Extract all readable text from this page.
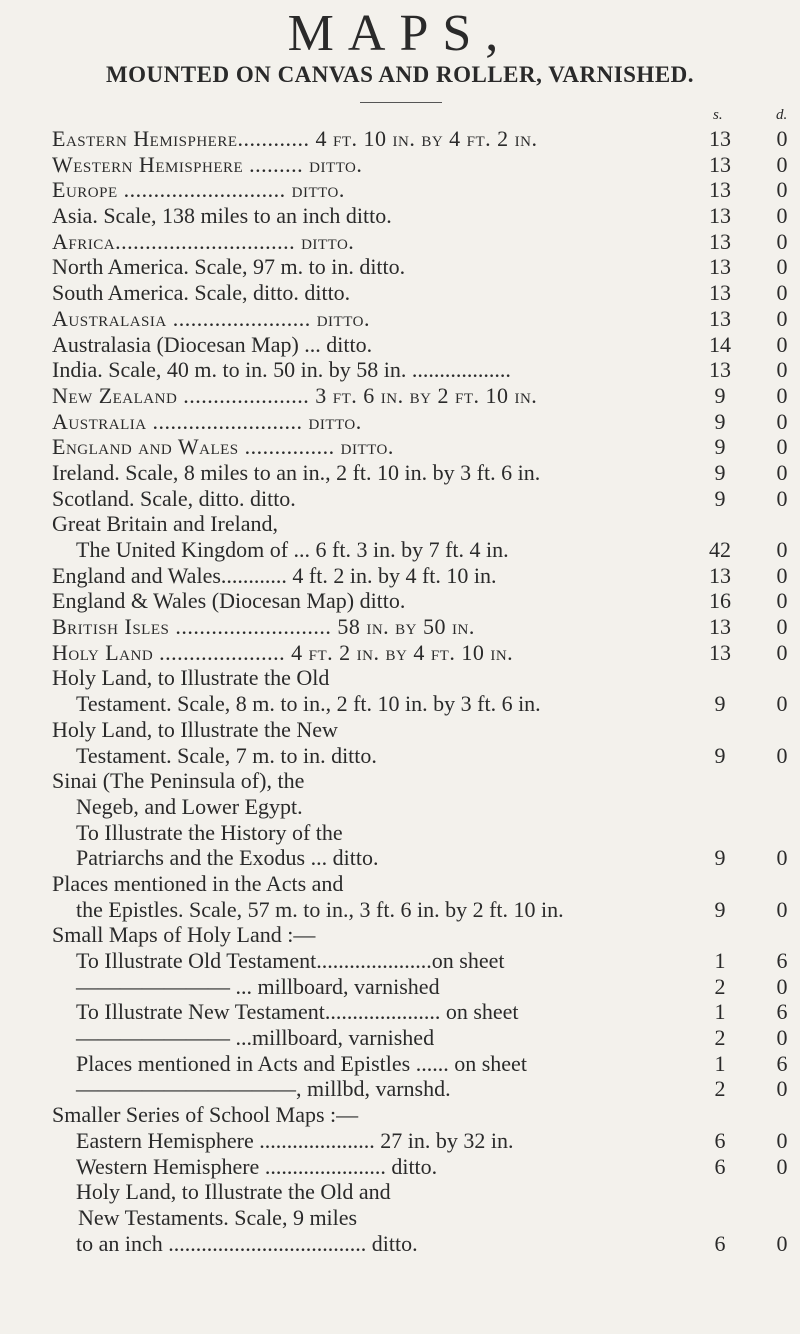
MAPS,
MOUNTED ON CANVAS AND ROLLER, VARNISHED.
s.	d.
Eastern Hemisphere............ 4 ft. 10 in. by 4 ft. 2 in.	13	0
Western Hemisphere ......... ditto.	13	0
Europe ........................... ditto.	13	0
Asia. Scale, 138 miles to an inch ditto.	13	0
Africa.............................. ditto.	13	0
North America. Scale, 97 m. to in. ditto.	13	0
South America. Scale, ditto. ditto.	13	0
Australasia ....................... ditto.	13	0
Australasia (Diocesan Map) ... ditto.	14	0
India. Scale, 40 m. to in. 50 in. by 58 in. ..................	13	0
New Zealand ..................... 3 ft. 6 in. by 2 ft. 10 in.	9	0
Australia ......................... ditto.	9	0
England and Wales ............... ditto.	9	0
Ireland. Scale, 8 miles to an in., 2 ft. 10 in. by 3 ft. 6 in.	9	0
Scotland. Scale, ditto. ditto.	9	0
Great Britain and Ireland,
The United Kingdom of ... 6 ft. 3 in. by 7 ft. 4 in.	42	0
England and Wales............ 4 ft. 2 in. by 4 ft. 10 in.	13	0
England & Wales (Diocesan Map) ditto.	16	0
British Isles .......................... 58 in. by 50 in.	13	0
Holy Land ..................... 4 ft. 2 in. by 4 ft. 10 in.	13	0
Holy Land, to Illustrate the Old
Testament. Scale, 8 m. to in., 2 ft. 10 in. by 3 ft. 6 in.	9	0
Holy Land, to Illustrate the New
Testament. Scale, 7 m. to in. ditto.	9	0
Sinai (The Peninsula of), the
Negeb, and Lower Egypt.
To Illustrate the History of the
Patriarchs and the Exodus ... ditto.	9	0
Places mentioned in the Acts and
the Epistles. Scale, 57 m. to in., 3 ft. 6 in. by 2 ft. 10 in.	9	0
Small Maps of Holy Land :—
To Illustrate Old Testament.....................on sheet	1	6
——————— ... millboard, varnished	2	0
To Illustrate New Testament..................... on sheet	1	6
——————— ...millboard, varnished	2	0
Places mentioned in Acts and Epistles ...... on sheet	1	6
——————————, millbd, varnshd.	2	0
Smaller Series of School Maps :—
Eastern Hemisphere ..................... 27 in. by 32 in.	6	0
Western Hemisphere ...................... ditto.	6	0
Holy Land, to Illustrate the Old and
New Testaments. Scale, 9 miles
to an inch .................................... ditto.	6	0
